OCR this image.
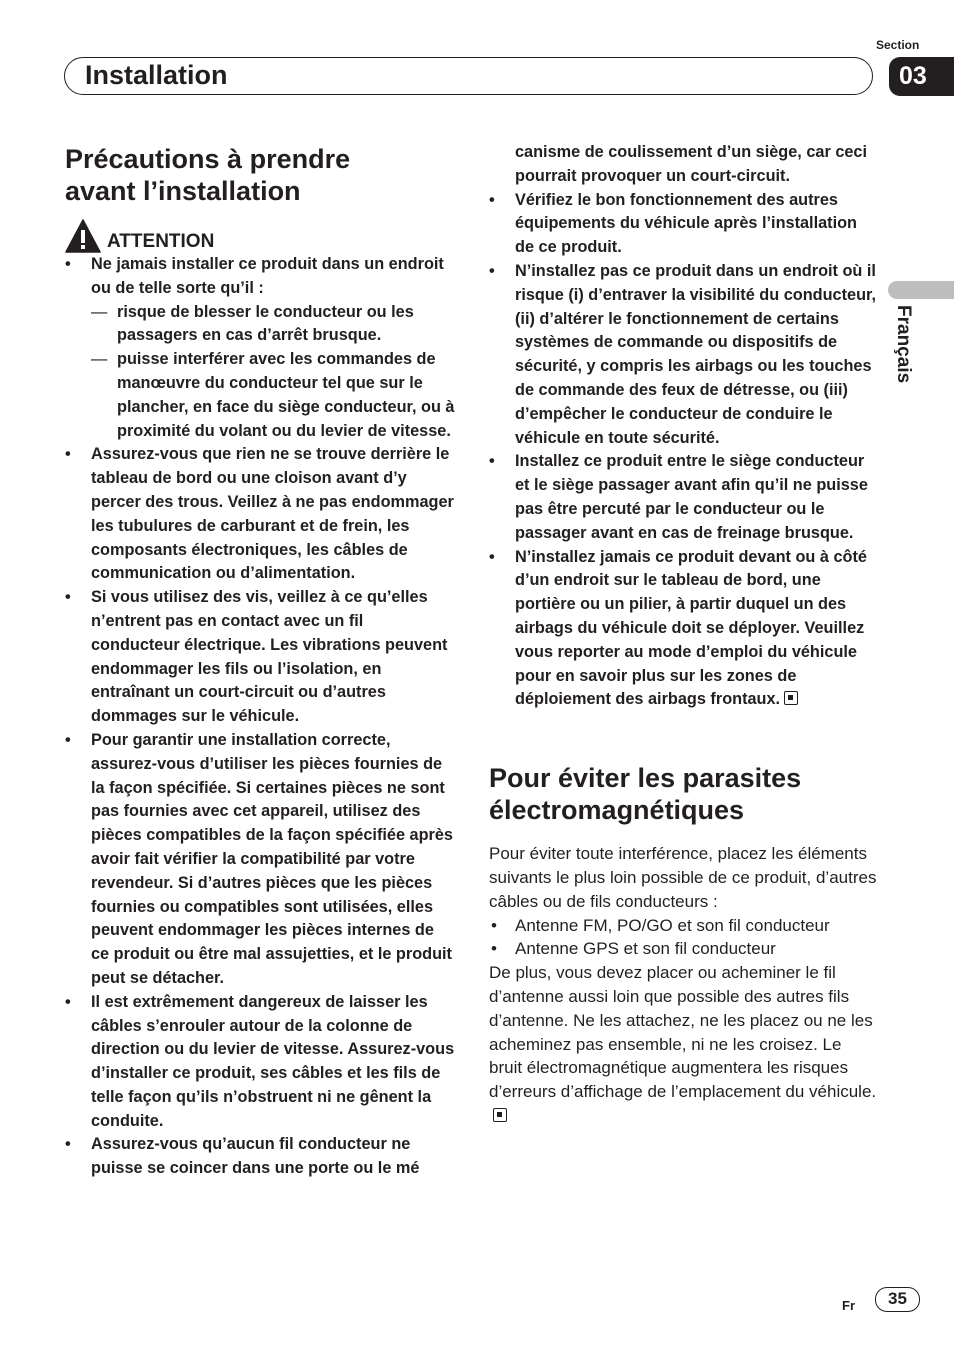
Section
03
Installation
Français
Précautions à prendre
avant l’installation
ATTENTION
• Ne jamais installer ce produit dans un endroit ou de telle sorte qu’il :
— risque de blesser le conducteur ou les passagers en cas d’arrêt brusque.
— puisse interférer avec les commandes de manœuvre du conducteur tel que sur le plancher, en face du siège conducteur, ou à proximité du volant ou du levier de vitesse.
• Assurez-vous que rien ne se trouve derrière le tableau de bord ou une cloison avant d’y percer des trous. Veillez à ne pas endommager les tubulures de carburant et de frein, les composants électroniques, les câbles de communication ou d’alimentation.
• Si vous utilisez des vis, veillez à ce qu’elles n’entrent pas en contact avec un fil conducteur électrique. Les vibrations peuvent endommager les fils ou l’isolation, en entraînant un court-circuit ou d’autres dommages sur le véhicule.
• Pour garantir une installation correcte, assurez-vous d’utiliser les pièces fournies de la façon spécifiée. Si certaines pièces ne sont pas fournies avec cet appareil, utilisez des pièces compatibles de la façon spécifiée après avoir fait vérifier la compatibilité par votre revendeur. Si d’autres pièces que les pièces fournies ou compatibles sont utilisées, elles peuvent endommager les pièces internes de ce produit ou être mal assujetties, et le produit peut se détacher.
• Il est extrêmement dangereux de laisser les câbles s’enrouler autour de la colonne de direction ou du levier de vitesse. Assurez-vous d’installer ce produit, ses câbles et les fils de telle façon qu’ils n’obstruent ni ne gênent la conduite.
• Assurez-vous qu’aucun fil conducteur ne puisse se coincer dans une porte ou le mé
canisme de coulissement d’un siège, car ceci pourrait provoquer un court-circuit.
• Vérifiez le bon fonctionnement des autres équipements du véhicule après l’installation de ce produit.
• N’installez pas ce produit dans un endroit où il risque (i) d’entraver la visibilité du conducteur, (ii) d’altérer le fonctionnement de certains systèmes de commande ou dispositifs de sécurité, y compris les airbags ou les touches de commande des feux de détresse, ou (iii) d’empêcher le conducteur de conduire le véhicule en toute sécurité.
• Installez ce produit entre le siège conducteur et le siège passager avant afin qu’il ne puisse pas être percuté par le conducteur ou le passager avant en cas de freinage brusque.
• N’installez jamais ce produit devant ou à côté d’un endroit sur le tableau de bord, une portière ou un pilier, à partir duquel un des airbags du véhicule doit se déployer. Veuillez vous reporter au mode d’emploi du véhicule pour en savoir plus sur les zones de déploiement des airbags frontaux.
Pour éviter les parasites
électromagnétiques

Pour éviter toute interférence, placez les éléments suivants le plus loin possible de ce produit, d’autres câbles ou de fils conducteurs :

• Antenne FM, PO/GO et son fil conducteur
• Antenne GPS et son fil conducteur

De plus, vous devez placer ou acheminer le fil d’antenne aussi loin que possible des autres fils d’antenne. Ne les attachez, ne les placez ou ne les acheminez pas ensemble, ni ne les croisez. Le bruit électromagnétique augmentera les risques d’erreurs d’affichage de l’emplacement du véhicule.

Fr	35
